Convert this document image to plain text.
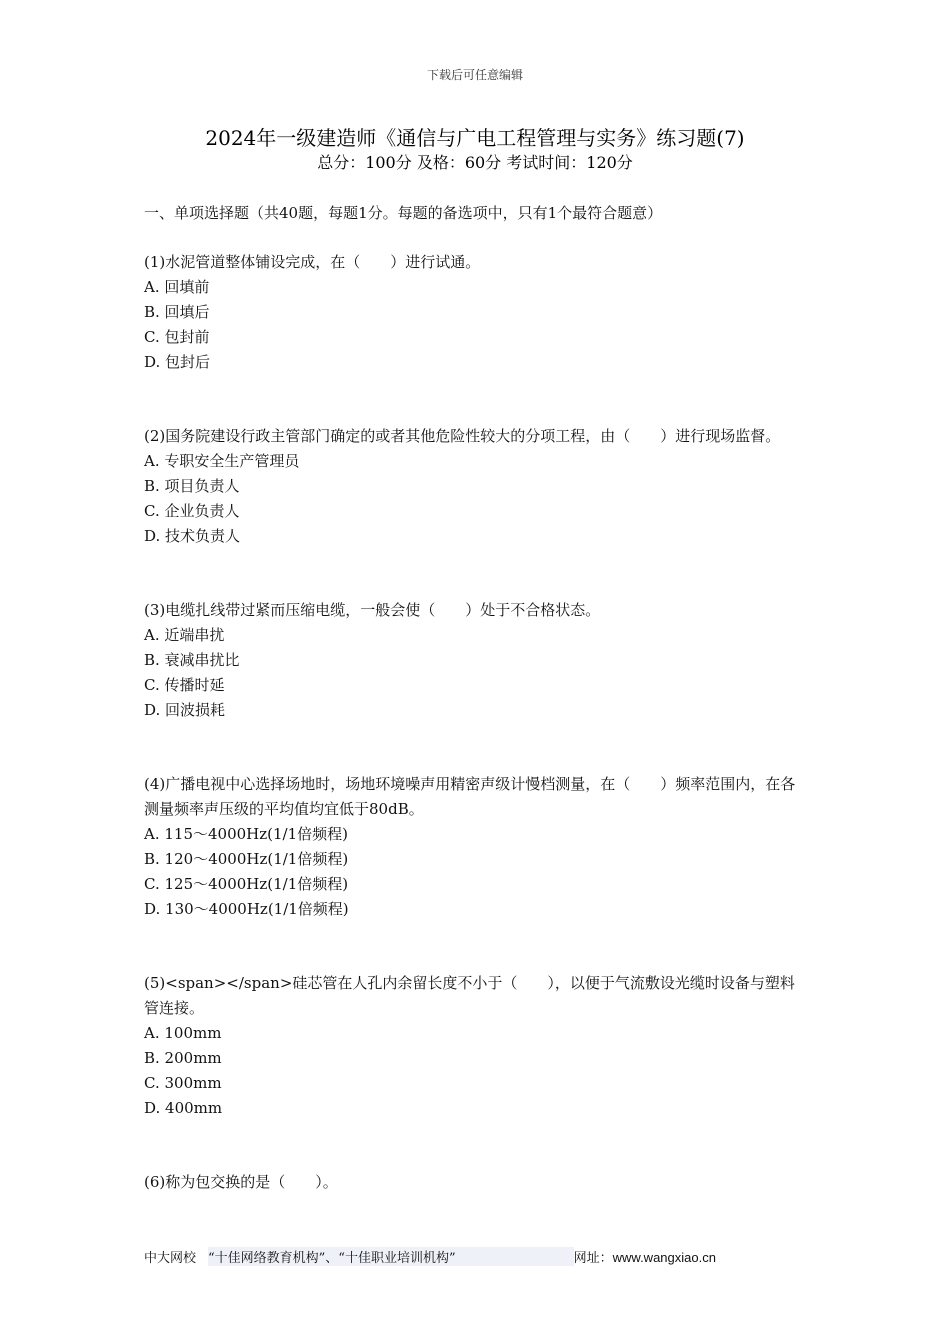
下载后可任意编辑
2024年一级建造师《通信与广电工程管理与实务》练习题(7)
总分：100分 及格：60分 考试时间：120分

一、单项选择题（共40题，每题1分。每题的备选项中，只有1个最符合题意）

(1)水泥管道整体铺设完成，在（　　）进行试通。

A. 回填前

B. 回填后

C. 包封前

D. 包封后

(2)国务院建设行政主管部门确定的或者其他危险性较大的分项工程，由（　　）进行现场监督。

A. 专职安全生产管理员

B. 项目负责人

C. 企业负责人

D. 技术负责人

(3)电缆扎线带过紧而压缩电缆，一般会使（　　）处于不合格状态。

A. 近端串扰

B. 衰减串扰比

C. 传播时延

D. 回波损耗

(4)广播电视中心选择场地时，场地环境噪声用精密声级计慢档测量，在（　　）频率范围内，在各测量频率声压级的平均值均宜低于80dB。

A. 115～4000Hz(1/1倍频程)

B. 120～4000Hz(1/1倍频程)

C. 125～4000Hz(1/1倍频程)

D. 130～4000Hz(1/1倍频程)

(5)<span></span>硅芯管在人孔内余留长度不小于（　　），以便于气流敷设光缆时设备与塑料管连接。

A. 100mm

B. 200mm

C. 300mm

D. 400mm

(6)称为包交换的是（　　）。

中大网校 “十佳网络教育机构”、“十佳职业培训机构”	网址：www.wangxiao.cn
